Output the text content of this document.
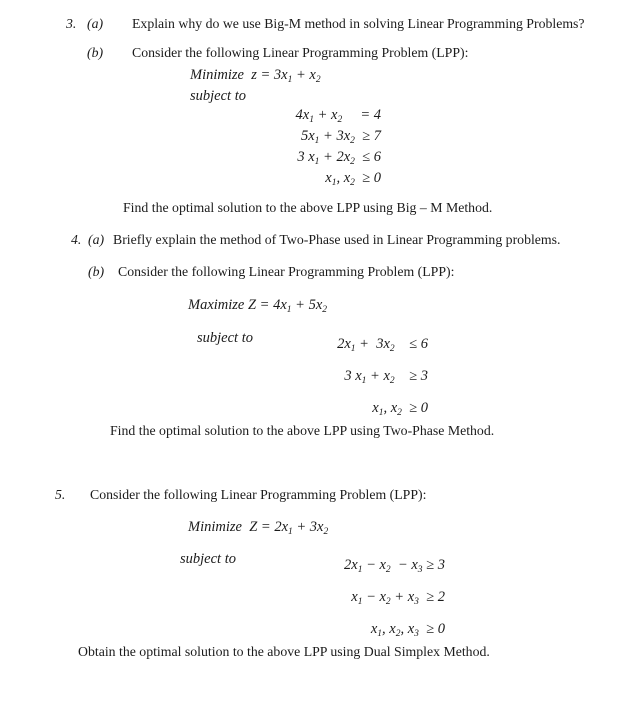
3. (a) Explain why do we use Big-M method in solving Linear Programming Problems?
(b) Consider the following Linear Programming Problem (LPP):
Minimize  $z = 3x_1 + x_2$
subject to
$4x_1 + x_2$     = 4
$5x_1 + 3x_2 \ge 7$
3 $x_1 + 2x_2 \le 6$
$x_1$, $x_2 \ge 0$
Find the optimal solution to the above LPP using Big – M Method.
4. (a) Briefly explain the method of Two-Phase used in Linear Programming problems.
(b) Consider the following Linear Programming Problem (LPP):
Maximize $Z = 4x_1 + 5x_2$
subject to	$2x_1 + 3x_2$    ≤ 6
3 $x_1 + x_2$    ≥ 3
$x_1$, $x_2 \ge 0$
Find the optimal solution to the above LPP using Two-Phase Method.
5. Consider the following Linear Programming Problem (LPP):
Minimize  $Z = 2x_1 + 3x_2$
subject to	$2x_1 - x_2 - x_3 \ge 3$
$x_1 - x_2 + x_3 \ge 2$
$x_1$, $x_2$, $x_3 \ge 0$
Obtain the optimal solution to the above LPP using Dual Simplex Method.
